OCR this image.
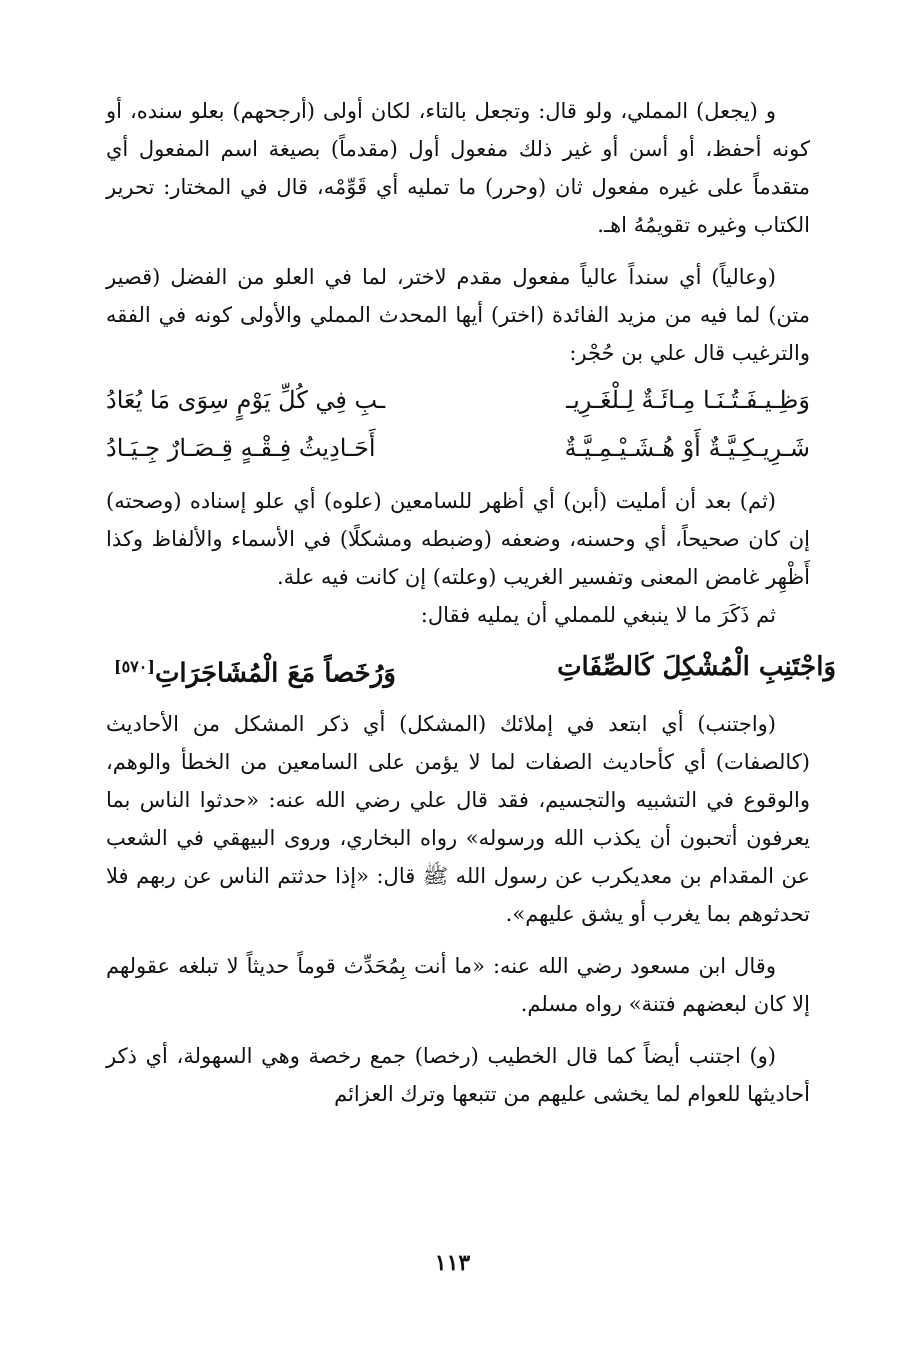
و (يجعل) المملي، ولو قال: وتجعل بالتاء، لكان أولى (أرجحهم) بعلو سنده، أو كونه أحفظ، أو أسن أو غير ذلك مفعول أول (مقدماً) بصيغة اسم المفعول أي متقدماً على غيره مفعول ثان (وحرر) ما تمليه أي قَوِّمْه، قال في المختار: تحرير الكتاب وغيره تقويمُهُ اهـ.

(وعالياً) أي سنداً عالياً مفعول مقدم لاختر، لما في العلو من الفضل (قصير متن) لما فيه من مزيد الفائدة (اختر) أيها المحدث المملي والأولى كونه في الفقه والترغيب قال علي بن حُجْر:

وَظِـيـفَـتُـنَـا مِـائَـةٌ لِـلْغَـرِيـ
ـبِ فِي كُلِّ يَوْمٍ سِوَى مَا يُعَادُ
شَـرِيـكِـيَّـةٌ أَوْ هُـشَـيْـمِـيَّـةٌ
أَحَـادِيثُ فِـقْـهٍ قِـصَـارٌ جِـيَـادُ

(ثم) بعد أن أمليت (أبن) أي أظهر للسامعين (علوه) أي علو إسناده (وصحته) إن كان صحيحاً، أي وحسنه، وضعفه (وضبطه ومشكلًا) في الأسماء والألفاظ وكذا أَظْهِر غامض المعنى وتفسير الغريب (وعلته) إن كانت فيه علة.

ثم ذَكَرَ ما لا ينبغي للمملي أن يمليه فقال:

وَاجْتَنِبِ الْمُشْكِلَ كَالصِّفَاتِ
وَرُخَصاً مَعَ الْمُشَاجَرَاتِ[٥٧٠]

(واجتنب) أي ابتعد في إملائك (المشكل) أي ذكر المشكل من الأحاديث (كالصفات) أي كأحاديث الصفات لما لا يؤمن على السامعين من الخطأ والوهم، والوقوع في التشبيه والتجسيم، فقد قال علي رضي الله عنه: «حدثوا الناس بما يعرفون أتحبون أن يكذب الله ورسوله» رواه البخاري، وروى البيهقي في الشعب عن المقدام بن معديكرب عن رسول الله ﷺ قال: «إذا حدثتم الناس عن ربهم فلا تحدثوهم بما يغرب أو يشق عليهم».

وقال ابن مسعود رضي الله عنه: «ما أنت بِمُحَدِّث قوماً حديثاً لا تبلغه عقولهم إلا كان لبعضهم فتنة» رواه مسلم.

(و) اجتنب أيضاً كما قال الخطيب (رخصا) جمع رخصة وهي السهولة، أي ذكر أحاديثها للعوام لما يخشى عليهم من تتبعها وترك العزائم

١١٣
